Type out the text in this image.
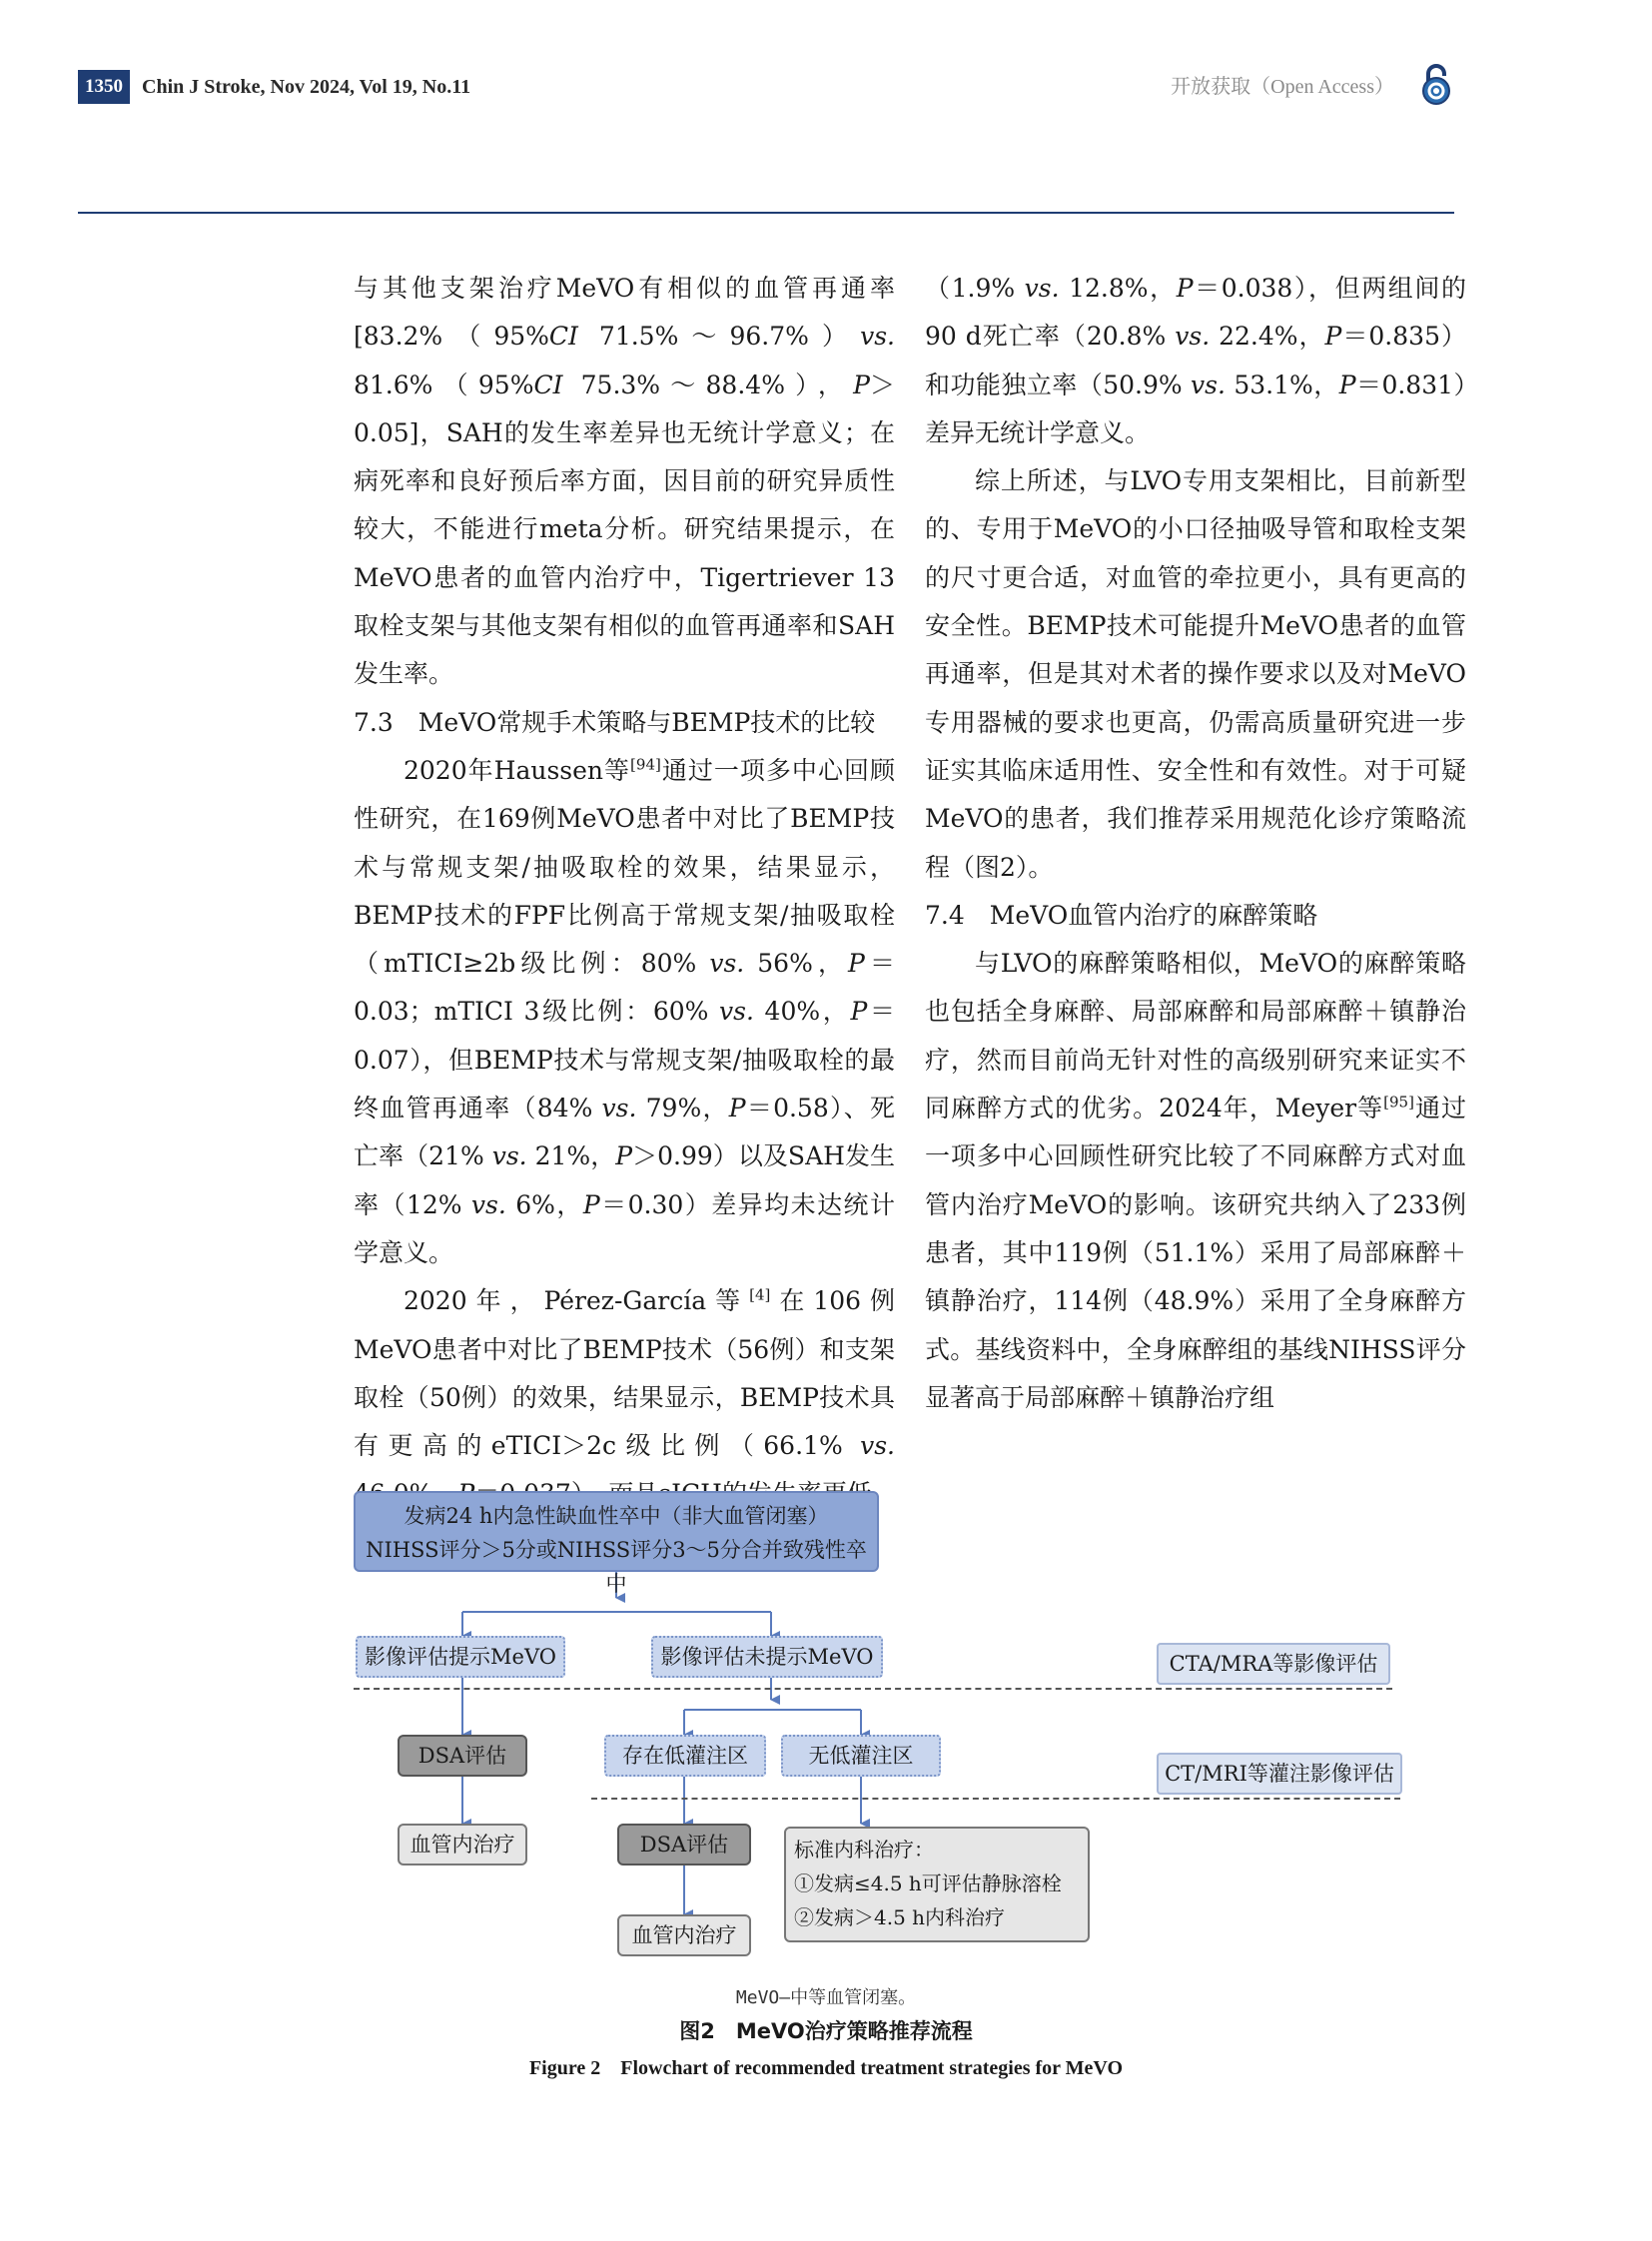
1350 Chin J Stroke, Nov 2024, Vol 19, No.11	开放获取（Open Access）

与其他支架治疗MeVO有相似的血管再通率[83.2%（95%CI 71.5%～96.7%）vs. 81.6%（95%CI 75.3%～88.4%），P＞0.05]，SAH的发生率差异也无统计学意义；在病死率和良好预后率方面，因目前的研究异质性较大，不能进行meta分析。研究结果提示，在MeVO患者的血管内治疗中，Tigertriever 13取栓支架与其他支架有相似的血管再通率和SAH发生率。

7.3　MeVO常规手术策略与BEMP技术的比较

2020年Haussen等[94]通过一项多中心回顾性研究，在169例MeVO患者中对比了BEMP技术与常规支架/抽吸取栓的效果，结果显示，BEMP技术的FPF比例高于常规支架/抽吸取栓（mTICI≥2b级比例：80% vs. 56%，P＝0.03；mTICI 3级比例：60% vs. 40%，P＝0.07），但BEMP技术与常规支架/抽吸取栓的最终血管再通率（84% vs. 79%，P＝0.58）、死亡率（21% vs. 21%，P＞0.99）以及SAH发生率（12% vs. 6%，P＝0.30）差异均未达统计学意义。

2020年，Pérez-García等[4]在106例MeVO患者中对比了BEMP技术（56例）和支架取栓（50例）的效果，结果显示，BEMP技术具有更高的eTICI＞2c级比例（66.1% vs.

（1.9% vs. 12.8%，P＝0.038），但两组间的90 d死亡率（20.8% vs. 22.4%，P＝0.835）和功能独立率（50.9% vs. 53.1%，P＝0.831）差异无统计学意义。

综上所述，与LVO专用支架相比，目前新型的、专用于MeVO的小口径抽吸导管和取栓支架的尺寸更合适，对血管的牵拉更小，具有更高的安全性。BEMP技术可能提升MeVO患者的血管再通率，但是其对术者的操作要求以及对MeVO专用器械的要求也更高，仍需高质量研究进一步证实其临床适用性、安全性和有效性。对于可疑MeVO的患者，我们推荐采用规范化诊疗策略流程（图2）。

7.4　MeVO血管内治疗的麻醉策略

与LVO的麻醉策略相似，MeVO的麻醉策略也包括全身麻醉、局部麻醉和局部麻醉＋镇静治疗，然而目前尚无针对性的高级别研究来证实不同麻醉方式的优劣。2024年，Meyer等[95]通过一项多中心回顾性研究比较了不同麻醉方式对血管内治疗MeVO的影响。该研究共纳入了233例患者，其中119例（51.1%）采用了局部麻醉＋镇静治疗，114例（48.9%）采用了全身麻醉方式。基线资料中，全身麻醉组的基线NIHSS评分显著高于局部麻醉＋镇静治疗组

发病24 h内急性缺血性卒中（非大血管闭塞）
NIHSS评分＞5分或NIHSS评分3～5分合并致残性卒中
影像评估提示MeVO	影像评估未提示MeVO	CTA/MRA等影像评估
DSA评估	存在低灌注区	无低灌注区
CT/MRI等灌注影像评估
血管内治疗	DSA评估	标准内科治疗：
①发病≤4.5 h可评估静脉溶栓
②发病＞4.5 h内科治疗
血管内治疗
MeVO—中等血管闭塞。
图2　MeVO治疗策略推荐流程
Figure 2　Flowchart of recommended treatment strategies for MeVO
